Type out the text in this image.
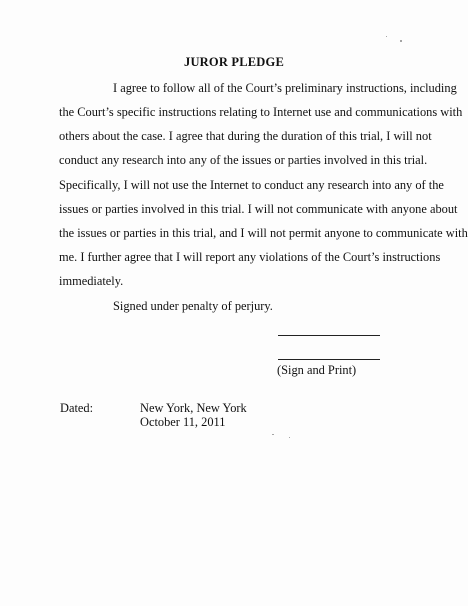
JUROR PLEDGE
I agree to follow all of the Court’s preliminary instructions, including
the Court’s specific instructions relating to Internet use and communications with
others about the case. I agree that during the duration of this trial, I will not
conduct any research into any of the issues or parties involved in this trial.
Specifically, I will not use the Internet to conduct any research into any of the
issues or parties involved in this trial. I will not communicate with anyone about
the issues or parties in this trial, and I will not permit anyone to communicate with
me. I further agree that I will report any violations of the Court’s instructions
immediately.
Signed under penalty of perjury.
(Sign and Print)
Dated:	New York, New York
October 11, 2011
